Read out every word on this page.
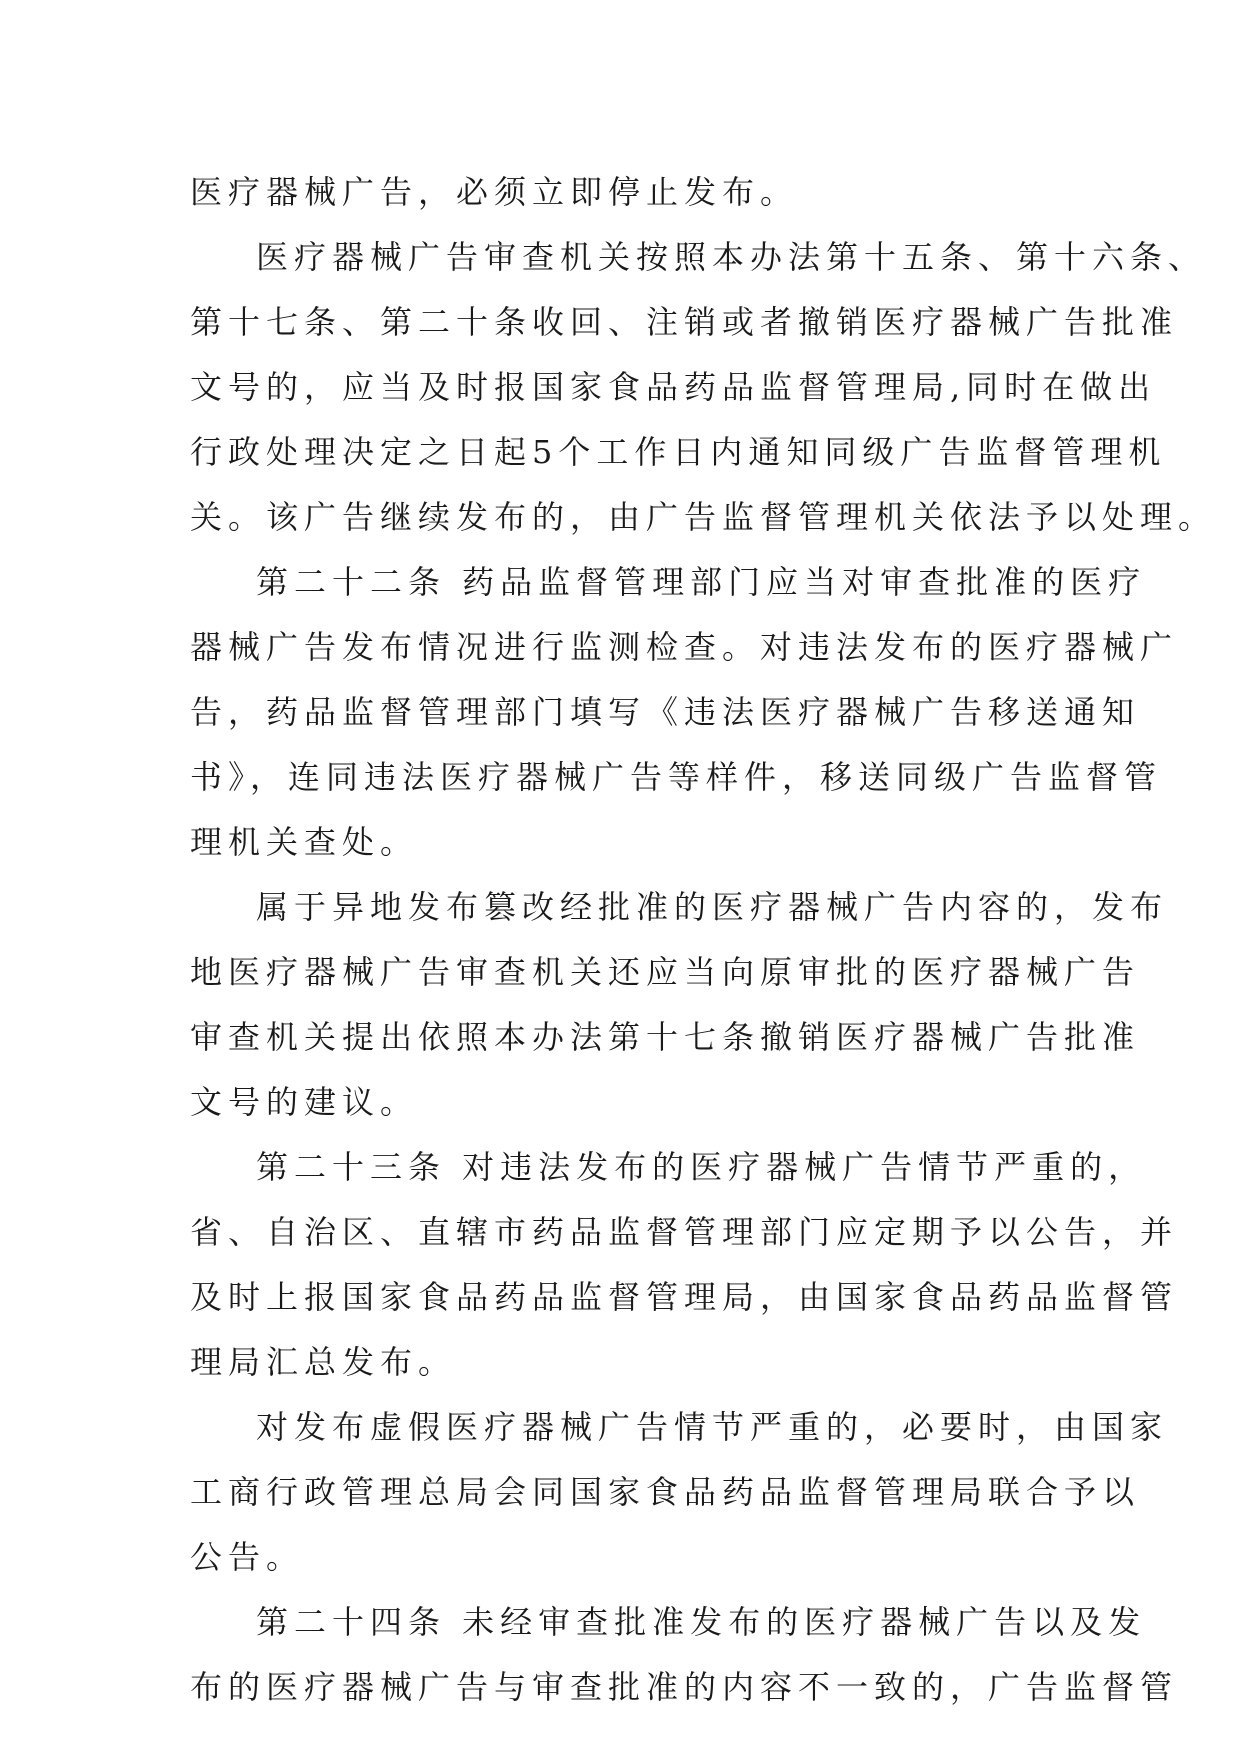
医疗器械广告，必须立即停止发布。
医疗器械广告审查机关按照本办法第十五条、第十六条、
第十七条、第二十条收回、注销或者撤销医疗器械广告批准
文号的，应当及时报国家食品药品监督管理局,同时在做出
行政处理决定之日起5个工作日内通知同级广告监督管理机
关。该广告继续发布的，由广告监督管理机关依法予以处理。
第二十二条 药品监督管理部门应当对审查批准的医疗
器械广告发布情况进行监测检查。对违法发布的医疗器械广
告，药品监督管理部门填写《违法医疗器械广告移送通知
书》，连同违法医疗器械广告等样件，移送同级广告监督管
理机关查处。
属于异地发布篡改经批准的医疗器械广告内容的，发布
地医疗器械广告审查机关还应当向原审批的医疗器械广告
审查机关提出依照本办法第十七条撤销医疗器械广告批准
文号的建议。
第二十三条 对违法发布的医疗器械广告情节严重的，
省、自治区、直辖市药品监督管理部门应定期予以公告，并
及时上报国家食品药品监督管理局，由国家食品药品监督管
理局汇总发布。
对发布虚假医疗器械广告情节严重的，必要时，由国家
工商行政管理总局会同国家食品药品监督管理局联合予以
公告。
第二十四条 未经审查批准发布的医疗器械广告以及发
布的医疗器械广告与审查批准的内容不一致的，广告监督管
